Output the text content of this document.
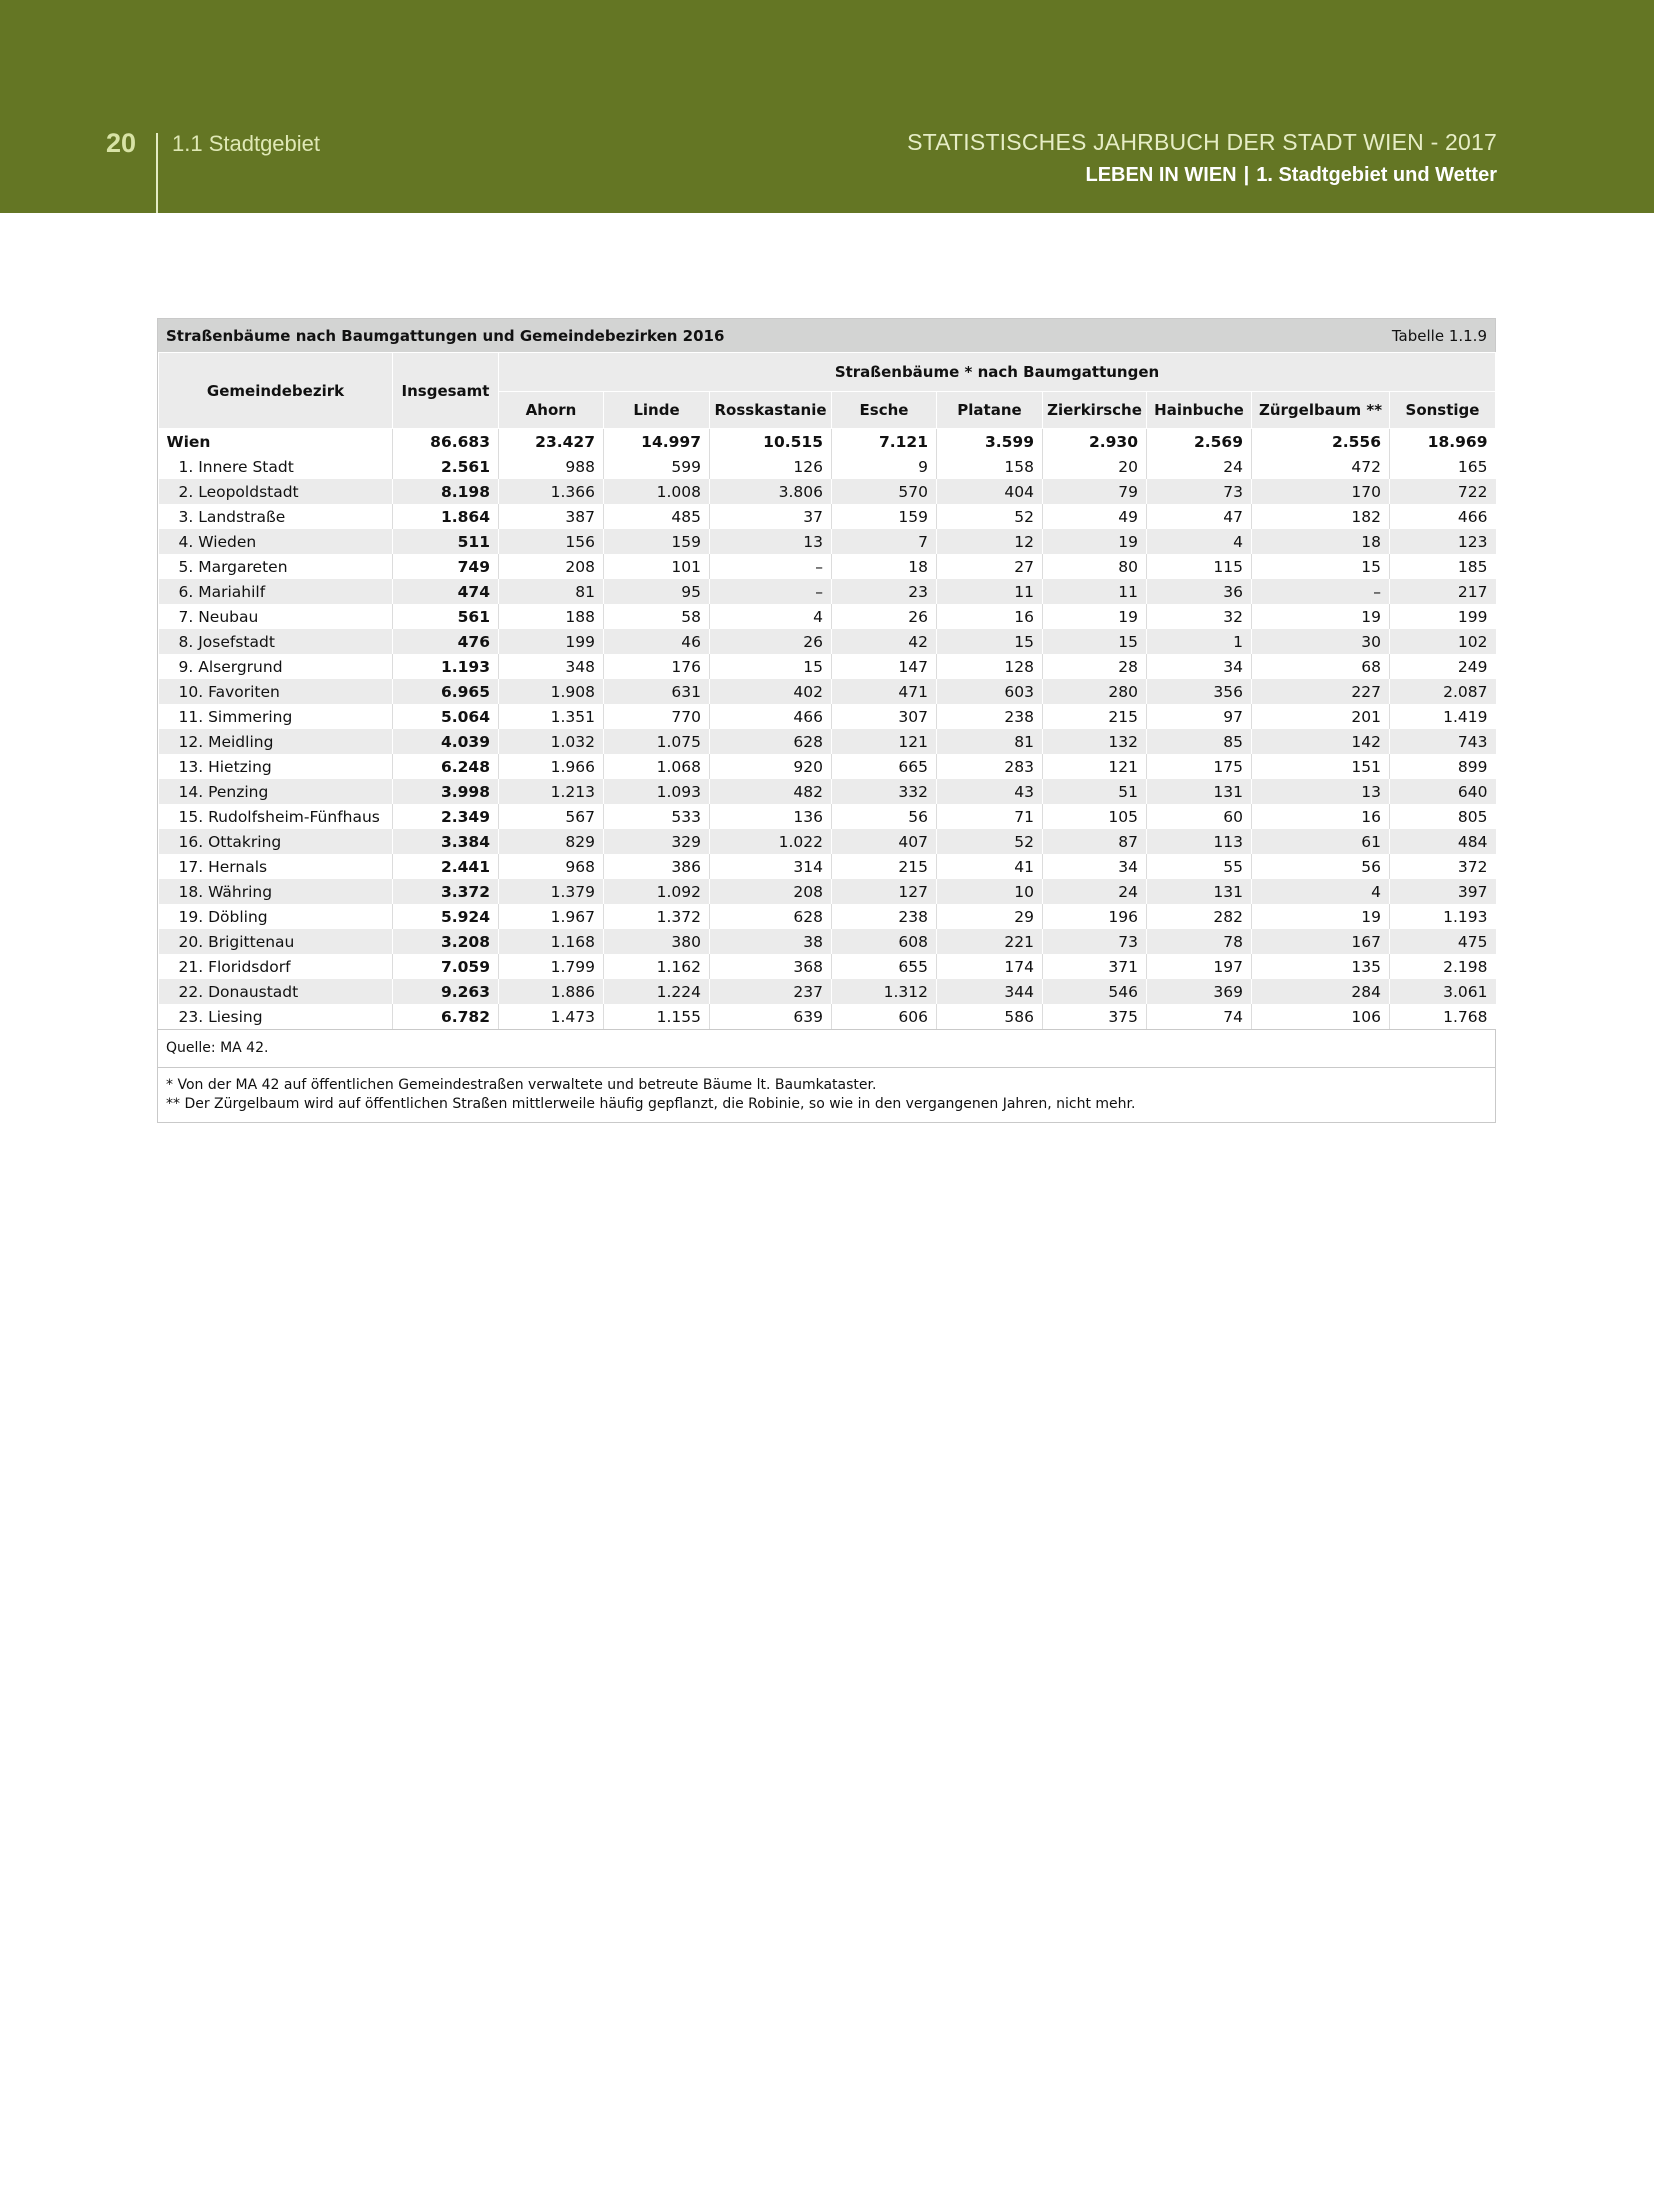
20 1.1 Stadtgebiet	STATISTISCHES JAHRBUCH DER STADT WIEN - 2017
LEBEN IN WIEN | 1. Stadtgebiet und Wetter
Straßenbäume nach Baumgattungen und Gemeindebezirken 2016	Tabelle 1.1.9
Gemeindebezirk	Insgesamt	Straßenbäume * nach Baumgattungen								
		Ahorn	Linde	Rosskastanie	Esche	Platane	Zierkirsche	Hainbuche	Zürgelbaum **	Sonstige
Wien	86.683	23.427	14.997	10.515	7.121	3.599	2.930	2.569	2.556	18.969
1. Innere Stadt	2.561	988	599	126	9	158	20	24	472	165
2. Leopoldstadt	8.198	1.366	1.008	3.806	570	404	79	73	170	722
3. Landstraße	1.864	387	485	37	159	52	49	47	182	466
4. Wieden	511	156	159	13	7	12	19	4	18	123
5. Margareten	749	208	101	–	18	27	80	115	15	185
6. Mariahilf	474	81	95	–	23	11	11	36	–	217
7. Neubau	561	188	58	4	26	16	19	32	19	199
8. Josefstadt	476	199	46	26	42	15	15	1	30	102
9. Alsergrund	1.193	348	176	15	147	128	28	34	68	249
10. Favoriten	6.965	1.908	631	402	471	603	280	356	227	2.087
11. Simmering	5.064	1.351	770	466	307	238	215	97	201	1.419
12. Meidling	4.039	1.032	1.075	628	121	81	132	85	142	743
13. Hietzing	6.248	1.966	1.068	920	665	283	121	175	151	899
14. Penzing	3.998	1.213	1.093	482	332	43	51	131	13	640
15. Rudolfsheim-Fünfhaus	2.349	567	533	136	56	71	105	60	16	805
16. Ottakring	3.384	829	329	1.022	407	52	87	113	61	484
17. Hernals	2.441	968	386	314	215	41	34	55	56	372
18. Währing	3.372	1.379	1.092	208	127	10	24	131	4	397
19. Döbling	5.924	1.967	1.372	628	238	29	196	282	19	1.193
20. Brigittenau	3.208	1.168	380	38	608	221	73	78	167	475
21. Floridsdorf	7.059	1.799	1.162	368	655	174	371	197	135	2.198
22. Donaustadt	9.263	1.886	1.224	237	1.312	344	546	369	284	3.061
23. Liesing	6.782	1.473	1.155	639	606	586	375	74	106	1.768
Quelle: MA 42.
* Von der MA 42 auf öffentlichen Gemeindestraßen verwaltete und betreute Bäume lt. Baumkataster.
** Der Zürgelbaum wird auf öffentlichen Straßen mittlerweile häufig gepflanzt, die Robinie, so wie in den vergangenen Jahren, nicht mehr.
